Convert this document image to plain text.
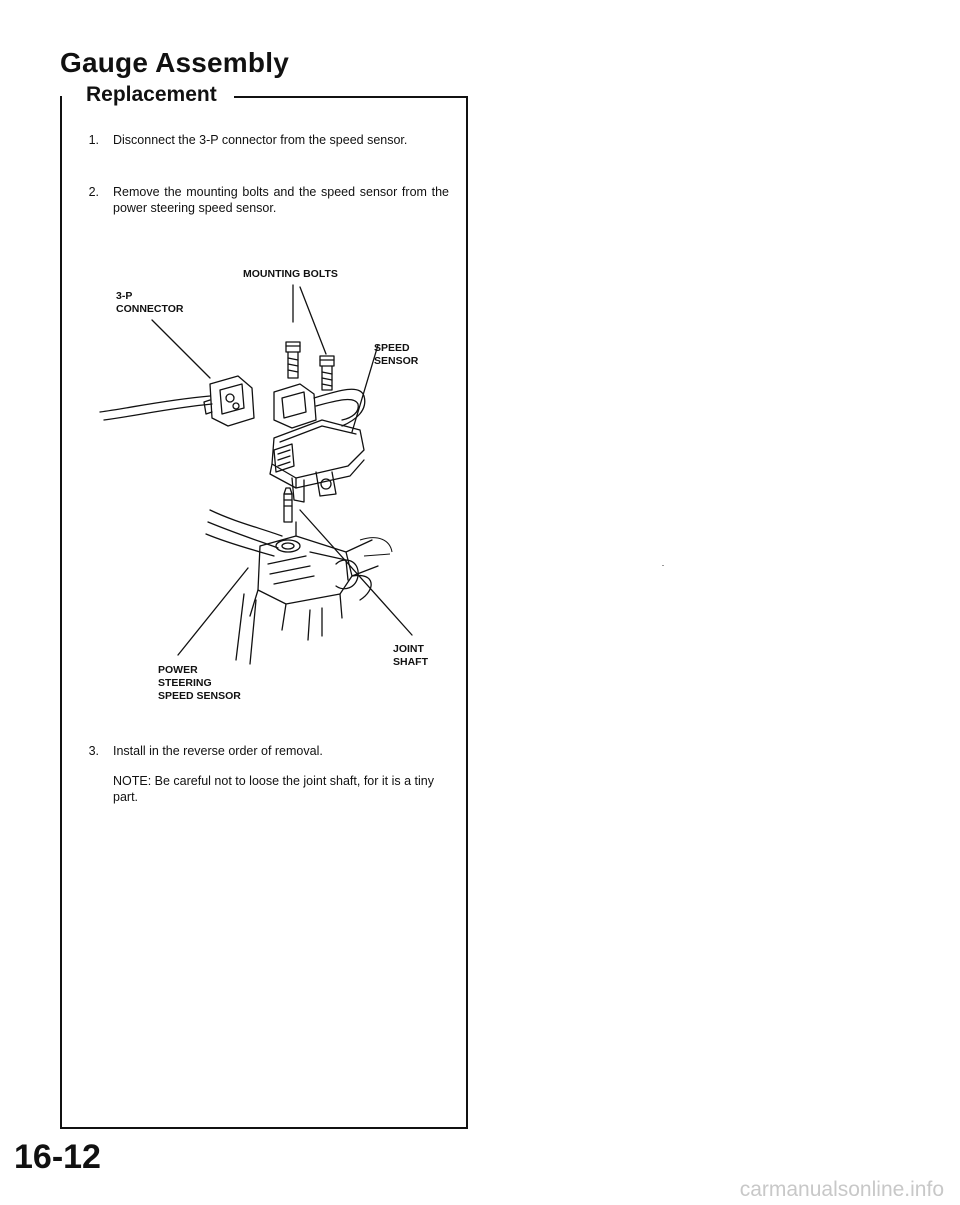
Gauge Assembly
Replacement
1. Disconnect the 3-P connector from the speed sensor.
2. Remove the mounting bolts and the speed sensor from the power steering speed sensor.
MOUNTING BOLTS
3-P
CONNECTOR
SPEED
SENSOR
JOINT
SHAFT
POWER
STEERING
SPEED SENSOR
3. Install in the reverse order of removal.
NOTE: Be careful not to loose the joint shaft, for it is a tiny part.
16-12
carmanualsonline.info
